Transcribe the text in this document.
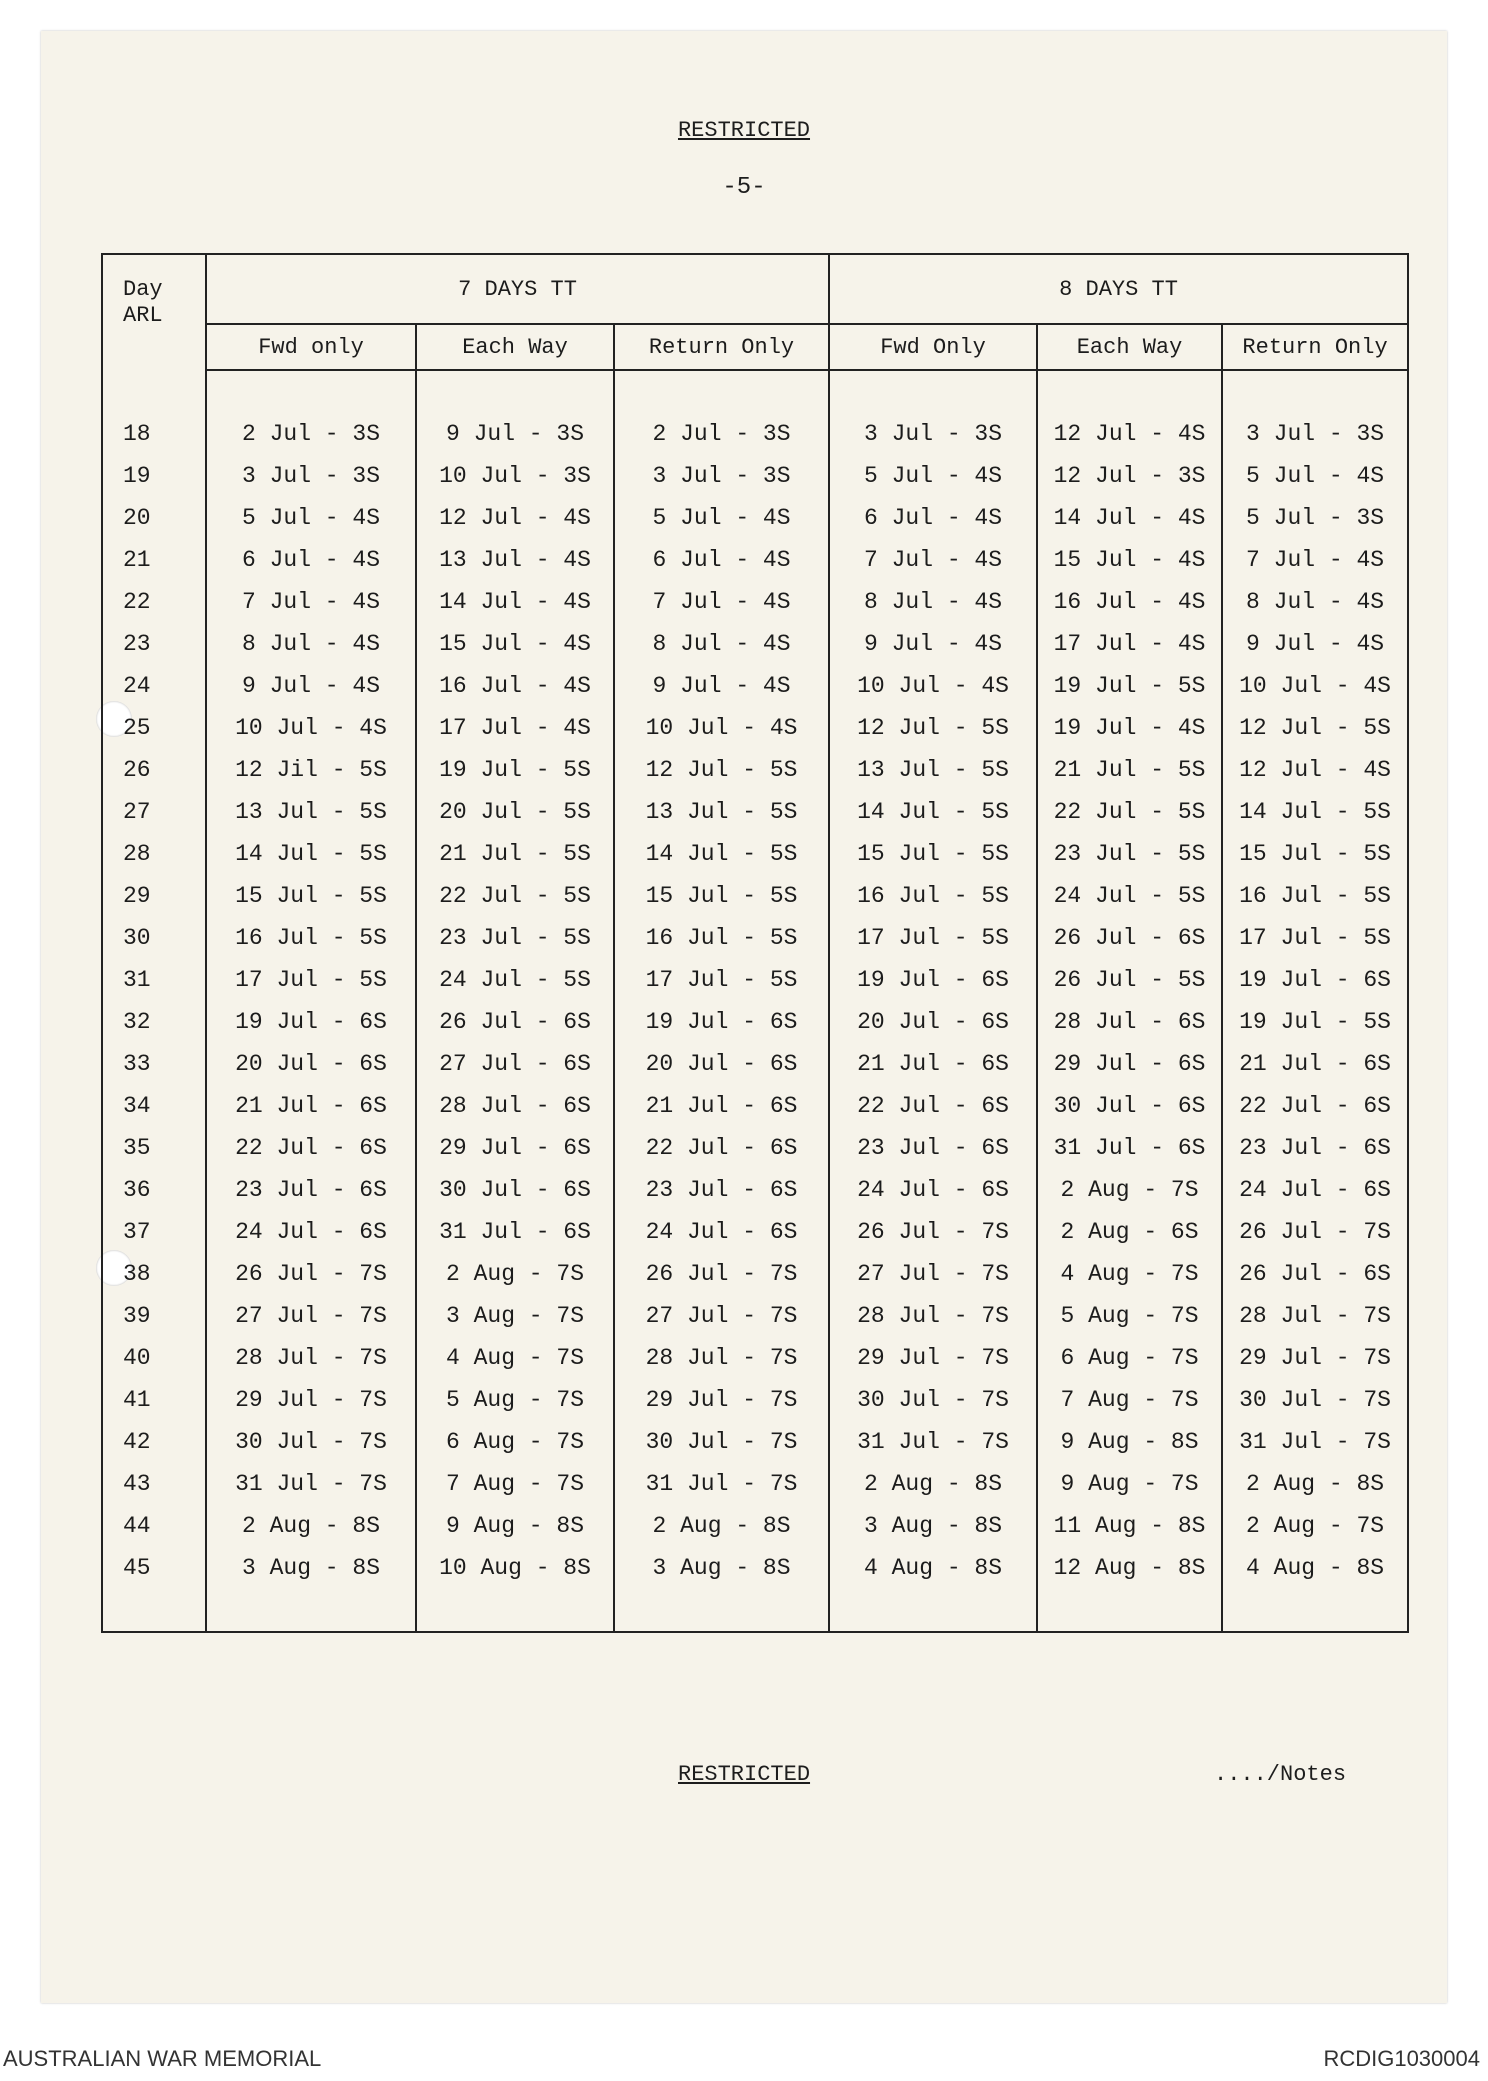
RESTRICTED
-5-
Day
ARL	7 DAYS TT			8 DAYS TT		
	Fwd only	Each Way	Return Only	Fwd Only	Each Way	Return Only

18	2 Jul - 3S	9 Jul - 3S	2 Jul - 3S	3 Jul - 3S	12 Jul - 4S	3 Jul - 3S
19	3 Jul - 3S	10 Jul - 3S	3 Jul - 3S	5 Jul - 4S	12 Jul - 3S	5 Jul - 4S
20	5 Jul - 4S	12 Jul - 4S	5 Jul - 4S	6 Jul - 4S	14 Jul - 4S	5 Jul - 3S
21	6 Jul - 4S	13 Jul - 4S	6 Jul - 4S	7 Jul - 4S	15 Jul - 4S	7 Jul - 4S
22	7 Jul - 4S	14 Jul - 4S	7 Jul - 4S	8 Jul - 4S	16 Jul - 4S	8 Jul - 4S
23	8 Jul - 4S	15 Jul - 4S	8 Jul - 4S	9 Jul - 4S	17 Jul - 4S	9 Jul - 4S
24	9 Jul - 4S	16 Jul - 4S	9 Jul - 4S	10 Jul - 4S	19 Jul - 5S	10 Jul - 4S
25	10 Jul - 4S	17 Jul - 4S	10 Jul - 4S	12 Jul - 5S	19 Jul - 4S	12 Jul - 5S
26	12 Jil - 5S	19 Jul - 5S	12 Jul - 5S	13 Jul - 5S	21 Jul - 5S	12 Jul - 4S
27	13 Jul - 5S	20 Jul - 5S	13 Jul - 5S	14 Jul - 5S	22 Jul - 5S	14 Jul - 5S
28	14 Jul - 5S	21 Jul - 5S	14 Jul - 5S	15 Jul - 5S	23 Jul - 5S	15 Jul - 5S
29	15 Jul - 5S	22 Jul - 5S	15 Jul - 5S	16 Jul - 5S	24 Jul - 5S	16 Jul - 5S
30	16 Jul - 5S	23 Jul - 5S	16 Jul - 5S	17 Jul - 5S	26 Jul - 6S	17 Jul - 5S
31	17 Jul - 5S	24 Jul - 5S	17 Jul - 5S	19 Jul - 6S	26 Jul - 5S	19 Jul - 6S
32	19 Jul - 6S	26 Jul - 6S	19 Jul - 6S	20 Jul - 6S	28 Jul - 6S	19 Jul - 5S
33	20 Jul - 6S	27 Jul - 6S	20 Jul - 6S	21 Jul - 6S	29 Jul - 6S	21 Jul - 6S
34	21 Jul - 6S	28 Jul - 6S	21 Jul - 6S	22 Jul - 6S	30 Jul - 6S	22 Jul - 6S
35	22 Jul - 6S	29 Jul - 6S	22 Jul - 6S	23 Jul - 6S	31 Jul - 6S	23 Jul - 6S
36	23 Jul - 6S	30 Jul - 6S	23 Jul - 6S	24 Jul - 6S	2 Aug - 7S	24 Jul - 6S
37	24 Jul - 6S	31 Jul - 6S	24 Jul - 6S	26 Jul - 7S	2 Aug - 6S	26 Jul - 7S
38	26 Jul - 7S	2 Aug - 7S	26 Jul - 7S	27 Jul - 7S	4 Aug - 7S	26 Jul - 6S
39	27 Jul - 7S	3 Aug - 7S	27 Jul - 7S	28 Jul - 7S	5 Aug - 7S	28 Jul - 7S
40	28 Jul - 7S	4 Aug - 7S	28 Jul - 7S	29 Jul - 7S	6 Aug - 7S	29 Jul - 7S
41	29 Jul - 7S	5 Aug - 7S	29 Jul - 7S	30 Jul - 7S	7 Aug - 7S	30 Jul - 7S
42	30 Jul - 7S	6 Aug - 7S	30 Jul - 7S	31 Jul - 7S	9 Aug - 8S	31 Jul - 7S
43	31 Jul - 7S	7 Aug - 7S	31 Jul - 7S	2 Aug - 8S	9 Aug - 7S	2 Aug - 8S
44	2 Aug - 8S	9 Aug - 8S	2 Aug - 8S	3 Aug - 8S	11 Aug - 8S	2 Aug - 7S
45	3 Aug - 8S	10 Aug - 8S	3 Aug - 8S	4 Aug - 8S	12 Aug - 8S	4 Aug - 8S

RESTRICTED	..../Notes
AUSTRALIAN WAR MEMORIAL	RCDIG1030004
